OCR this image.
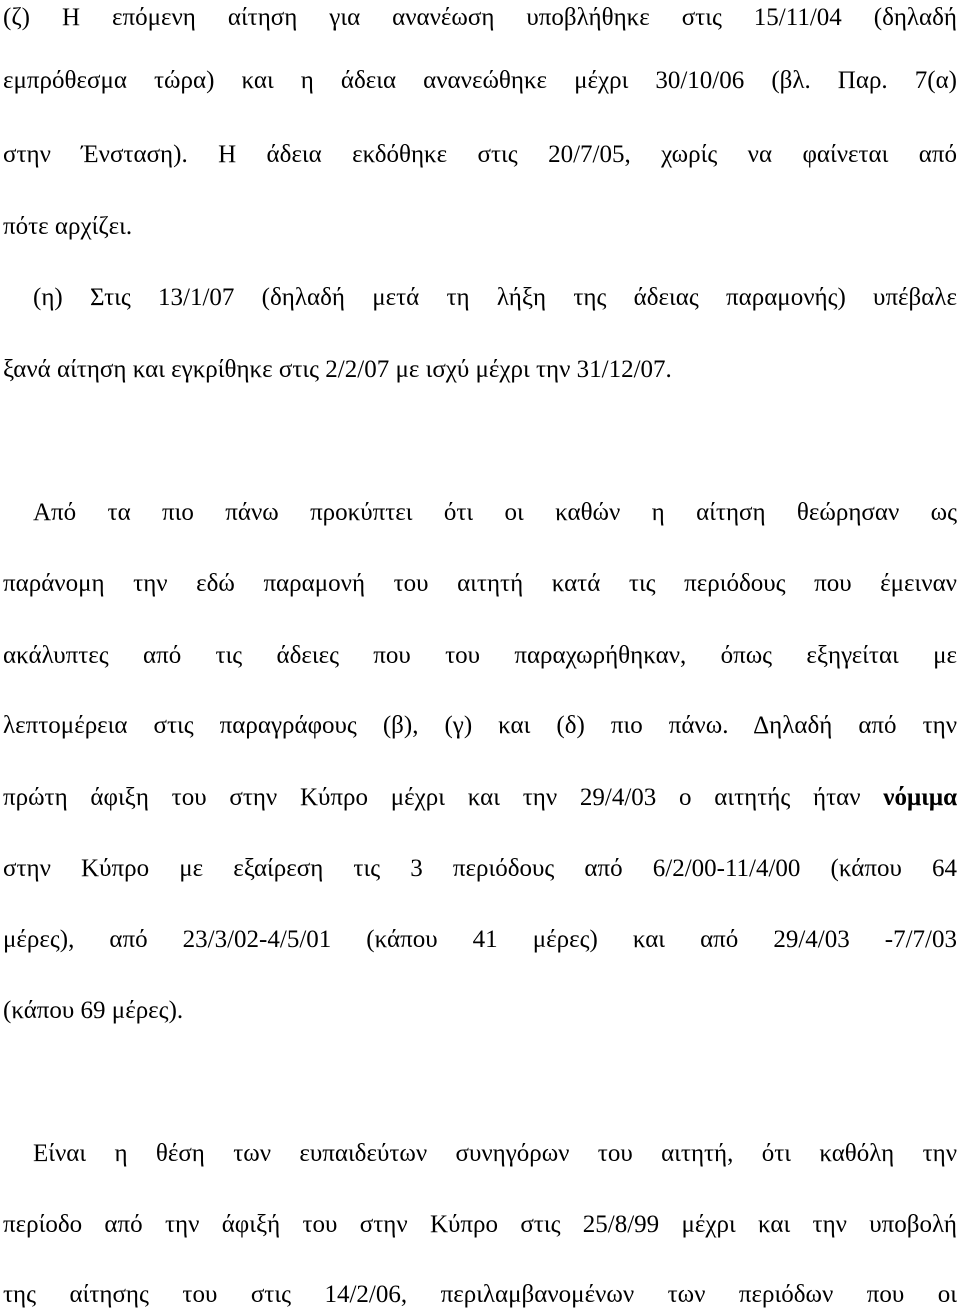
(ζ) Η επόμενη αίτηση για ανανέωση υποβλήθηκε στις 15/11/04 (δηλαδή
εμπρόθεσμα τώρα) και η άδεια ανανεώθηκε μέχρι 30/10/06 (βλ. Παρ. 7(α)
στην Ένσταση). Η άδεια εκδόθηκε στις 20/7/05, χωρίς να φαίνεται από
πότε αρχίζει.
(η) Στις 13/1/07 (δηλαδή μετά τη λήξη της άδειας παραμονής) υπέβαλε
ξανά αίτηση και εγκρίθηκε στις 2/2/07 με ισχύ μέχρι την 31/12/07.
Από τα πιο πάνω προκύπτει ότι οι καθών η αίτηση θεώρησαν ως
παράνομη την εδώ παραμονή του αιτητή κατά τις περιόδους που έμειναν
ακάλυπτες από τις άδειες που του παραχωρήθηκαν, όπως εξηγείται με
λεπτομέρεια στις παραγράφους (β), (γ) και (δ) πιο πάνω. Δηλαδή από την
πρώτη άφιξη του στην Κύπρο μέχρι και την 29/4/03 ο αιτητής ήταν νόμιμα
στην Κύπρο με εξαίρεση τις 3 περιόδους από 6/2/00-11/4/00 (κάπου 64
μέρες), από 23/3/02-4/5/01 (κάπου 41 μέρες) και από 29/4/03 -7/7/03
(κάπου 69 μέρες).
Είναι η θέση των ευπαιδεύτων συνηγόρων του αιτητή, ότι καθόλη την
περίοδο από την άφιξή του στην Κύπρο στις 25/8/99 μέχρι και την υποβολή
της αίτησης του στις 14/2/06, περιλαμβανομένων των περιόδων που οι
